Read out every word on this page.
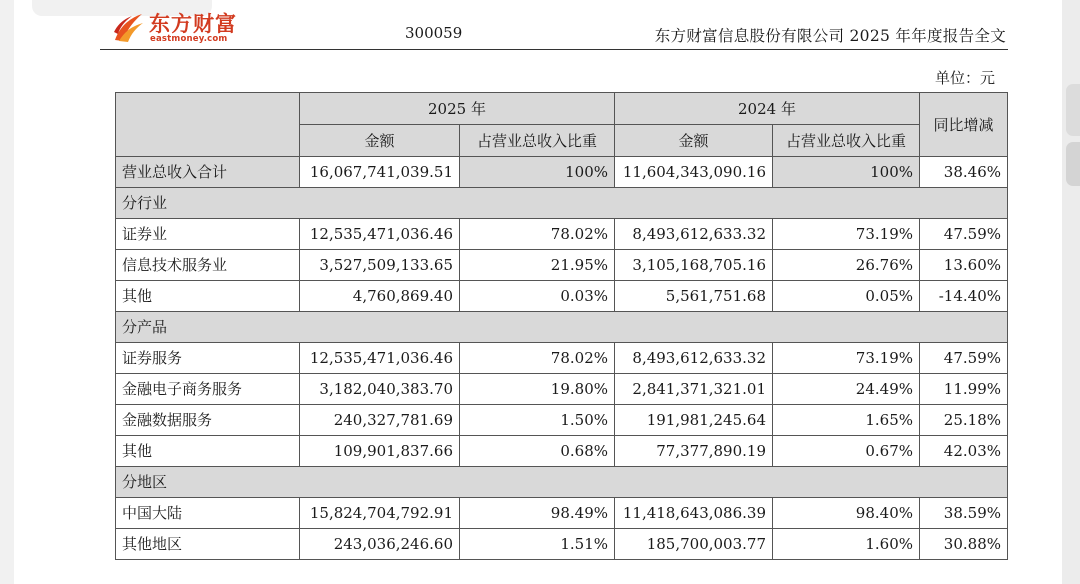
东方财富
eastmoney.com	300059	东方财富信息股份有限公司 2025 年年度报告全文
单位：元
	2025 年		2024 年		同比增减
	金额	占营业总收入比重	金额	占营业总收入比重	
营业总收入合计	16,067,741,039.51	100%	11,604,343,090.16	100%	38.46%
分行业					
证券业	12,535,471,036.46	78.02%	8,493,612,633.32	73.19%	47.59%
信息技术服务业	3,527,509,133.65	21.95%	3,105,168,705.16	26.76%	13.60%
其他	4,760,869.40	0.03%	5,561,751.68	0.05%	-14.40%
分产品					
证券服务	12,535,471,036.46	78.02%	8,493,612,633.32	73.19%	47.59%
金融电子商务服务	3,182,040,383.70	19.80%	2,841,371,321.01	24.49%	11.99%
金融数据服务	240,327,781.69	1.50%	191,981,245.64	1.65%	25.18%
其他	109,901,837.66	0.68%	77,377,890.19	0.67%	42.03%
分地区					
中国大陆	15,824,704,792.91	98.49%	11,418,643,086.39	98.40%	38.59%
其他地区	243,036,246.60	1.51%	185,700,003.77	1.60%	30.88%
